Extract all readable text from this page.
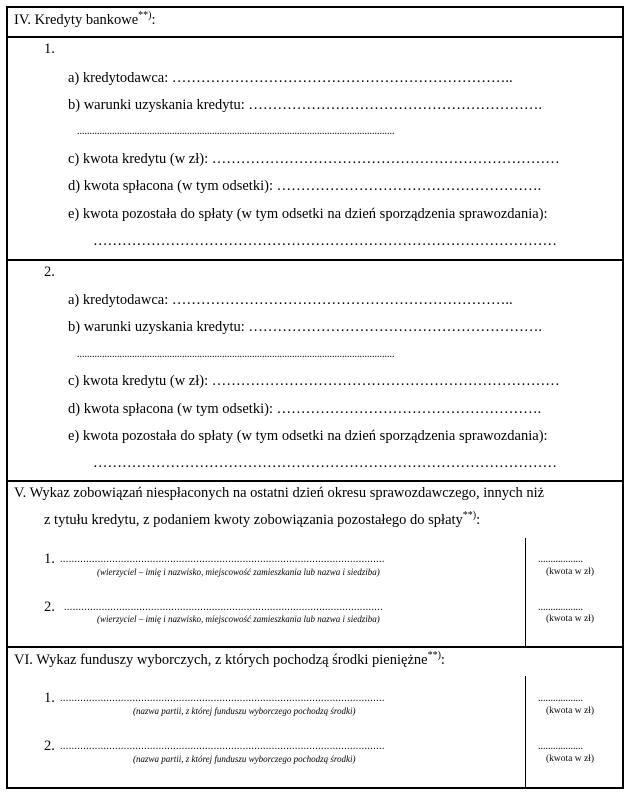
IV. Kredyty bankowe**):
1.
a) kredytodawca: ……………………………………………………………..
b) warunki uzyskania kredytu: …………………………………………………….
...............................................................................................................................
c) kwota kredytu (w zł): ………………………………………………………………
d) kwota spłacona (w tym odsetki): ……………………………………………….
e) kwota pozostała do spłaty (w tym odsetki na dzień sporządzenia sprawozdania):
……………………………………………………………………………………
2.
a) kredytodawca: ……………………………………………………………..
b) warunki uzyskania kredytu: …………………………………………………….
...............................................................................................................................
c) kwota kredytu (w zł): ………………………………………………………………
d) kwota spłacona (w tym odsetki): ……………………………………………….
e) kwota pozostała do spłaty (w tym odsetki na dzień sporządzenia sprawozdania):
……………………………………………………………………………………
V. Wykaz zobowiązań niespłaconych na ostatni dzień okresu sprawozdawczego, innych niż
z tytułu kredytu, z podaniem kwoty zobowiązania pozostałego do spłaty**):
1. ................................................................................................................
(wierzyciel – imię i nazwisko, miejscowość zamieszkania lub nazwa i siedziba)
..................
(kwota w zł)
2. ..............................................................................................................
(wierzyciel – imię i nazwisko, miejscowość zamieszkania lub nazwa i siedziba)
..................
(kwota w zł)
VI. Wykaz funduszy wyborczych, z których pochodzą środki pieniężne**):
1. ................................................................................................................
(nazwa partii, z której funduszu wyborczego pochodzą środki)
..................
(kwota w zł)
2. ................................................................................................................
(nazwa partii, z której funduszu wyborczego pochodzą środki)
..................
(kwota w zł)
